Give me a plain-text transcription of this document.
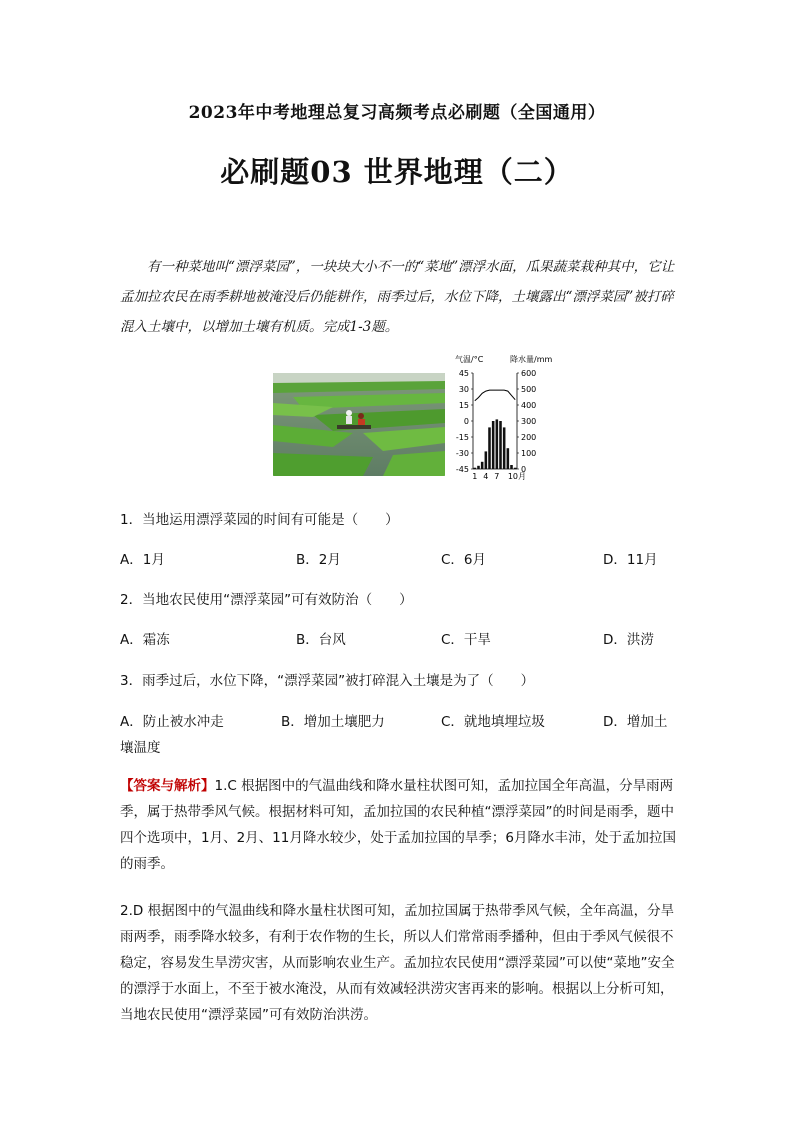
2023年中考地理总复习高频考点必刷题（全国通用）
必刷题03 世界地理（二）
有一种菜地叫“漂浮菜园”，一块块大小不一的“菜地”漂浮水面，瓜果蔬菜栽种其中，它让孟加拉农民在雨季耕地被淹没后仍能耕作，雨季过后，水位下降，土壤露出“漂浮菜园”被打碎混入土壤中，以增加土壤有机质。完成1-3题。
气温/°C	降水量/mm
45
30
15
0
-15
-30
-45
600
500
400
300
200
100
0
1 4 7 10月
1．当地运用漂浮菜园的时间有可能是（　　）
A．1月	B．2月	C．6月	D．11月
2．当地农民使用“漂浮菜园”可有效防治（　　）
A．霜冻	B．台风	C．干旱	D．洪涝
3．雨季过后，水位下降，“漂浮菜园”被打碎混入土壤是为了（　　）
A．防止被水冲走	B．增加土壤肥力	C．就地填埋垃圾	D．增加土
壤温度
【答案与解析】1.C 根据图中的气温曲线和降水量柱状图可知，孟加拉国全年高温，分旱雨两季，属于热带季风气候。根据材料可知，孟加拉国的农民种植“漂浮菜园”的时间是雨季，题中四个选项中，1月、2月、11月降水较少，处于孟加拉国的旱季；6月降水丰沛，处于孟加拉国的雨季。
2.D 根据图中的气温曲线和降水量柱状图可知，孟加拉国属于热带季风气候，全年高温，分旱雨两季，雨季降水较多，有利于农作物的生长，所以人们常常雨季播种，但由于季风气候很不稳定，容易发生旱涝灾害，从而影响农业生产。孟加拉农民使用“漂浮菜园”可以使“菜地”安全的漂浮于水面上，不至于被水淹没，从而有效减轻洪涝灾害再来的影响。根据以上分析可知，当地农民使用“漂浮菜园”可有效防治洪涝。
